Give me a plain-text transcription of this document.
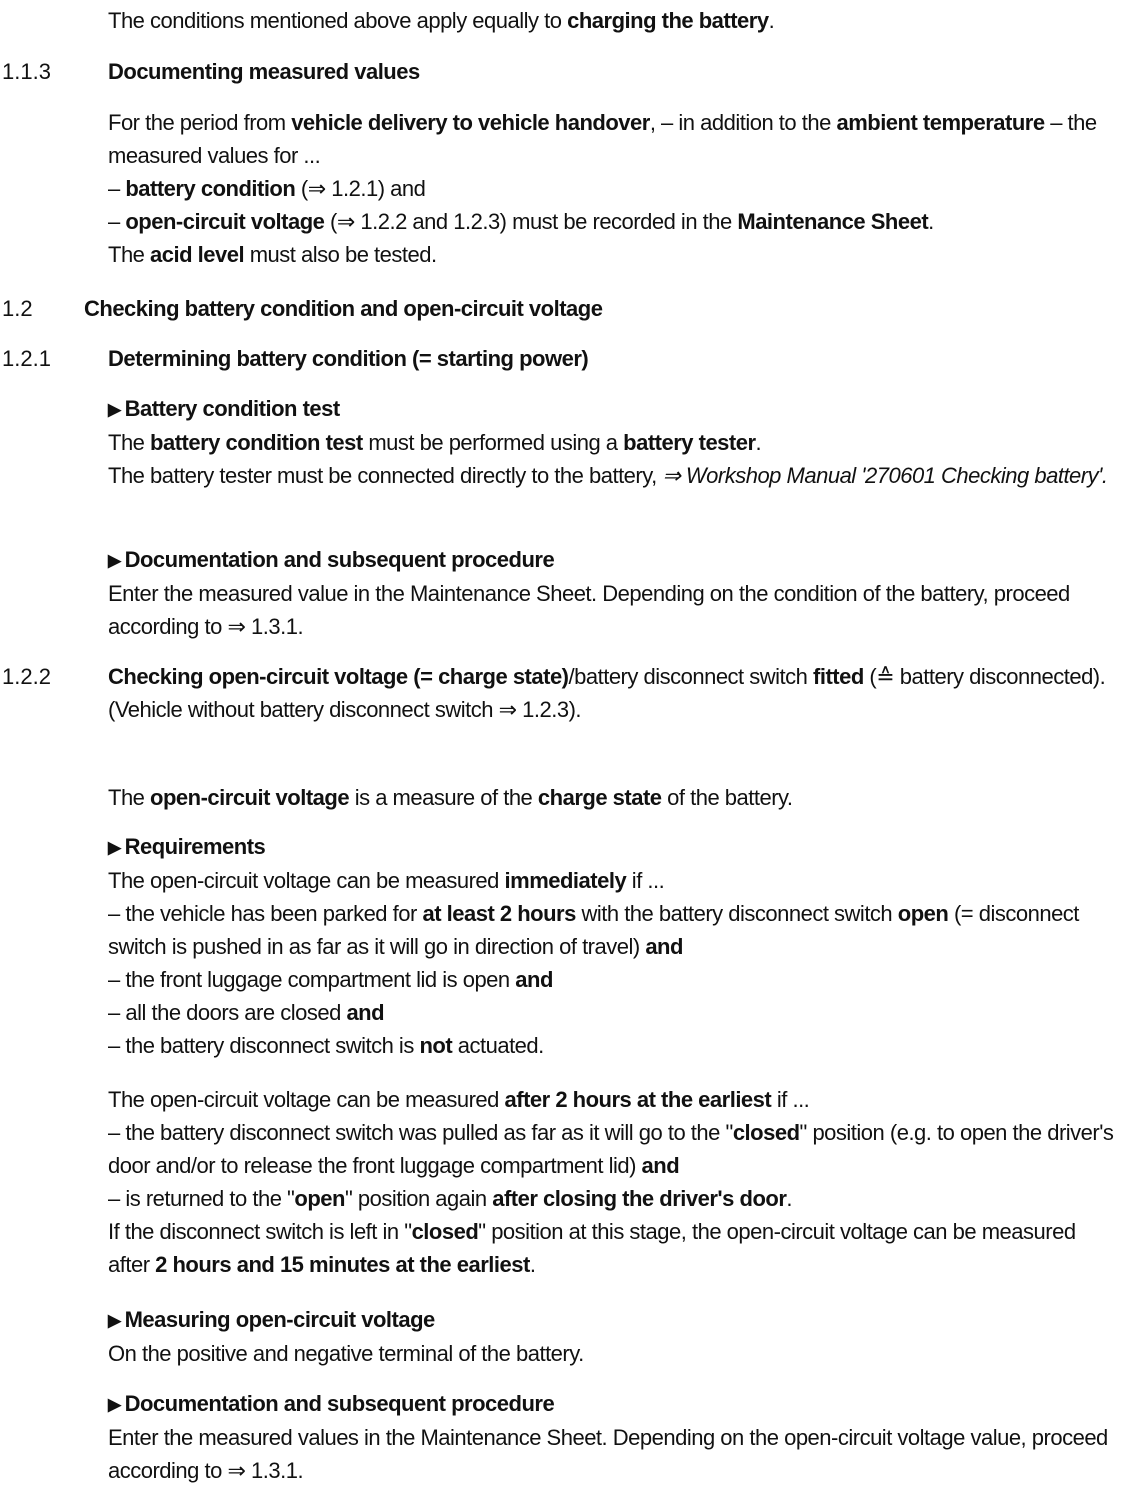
The conditions mentioned above apply equally to charging the battery.

1.1.3	Documenting measured values

For the period from vehicle delivery to vehicle handover, – in addition to the ambient temperature – the measured values for ...

– battery condition (⇒ 1.2.1) and

– open-circuit voltage (⇒ 1.2.2 and 1.2.3) must be recorded in the Maintenance Sheet.

The acid level must also be tested.

1.2 Checking battery condition and open-circuit voltage

1.2.1	Determining battery condition (= starting power)

▶ Battery condition test

The battery condition test must be performed using a battery tester.

The battery tester must be connected directly to the battery, ⇒ Workshop Manual '270601 Checking battery'.

▶ Documentation and subsequent procedure

Enter the measured value in the Maintenance Sheet. Depending on the condition of the battery, proceed according to ⇒ 1.3.1.

1.2.2	Checking open-circuit voltage (= charge state)/battery disconnect switch fitted (≙ battery disconnected).

(Vehicle without battery disconnect switch ⇒ 1.2.3).

The open-circuit voltage is a measure of the charge state of the battery.

▶ Requirements

The open-circuit voltage can be measured immediately if ...

– the vehicle has been parked for at least 2 hours with the battery disconnect switch open (= disconnect switch is pushed in as far as it will go in direction of travel) and

– the front luggage compartment lid is open and

– all the doors are closed and

– the battery disconnect switch is not actuated.

The open-circuit voltage can be measured after 2 hours at the earliest if ...

– the battery disconnect switch was pulled as far as it will go to the "closed" position (e.g. to open the driver's door and/or to release the front luggage compartment lid) and

– is returned to the "open" position again after closing the driver's door.

If the disconnect switch is left in "closed" position at this stage, the open-circuit voltage can be measured after 2 hours and 15 minutes at the earliest.

▶ Measuring open-circuit voltage

On the positive and negative terminal of the battery.

▶ Documentation and subsequent procedure

Enter the measured values in the Maintenance Sheet. Depending on the open-circuit voltage value, proceed according to ⇒ 1.3.1.
